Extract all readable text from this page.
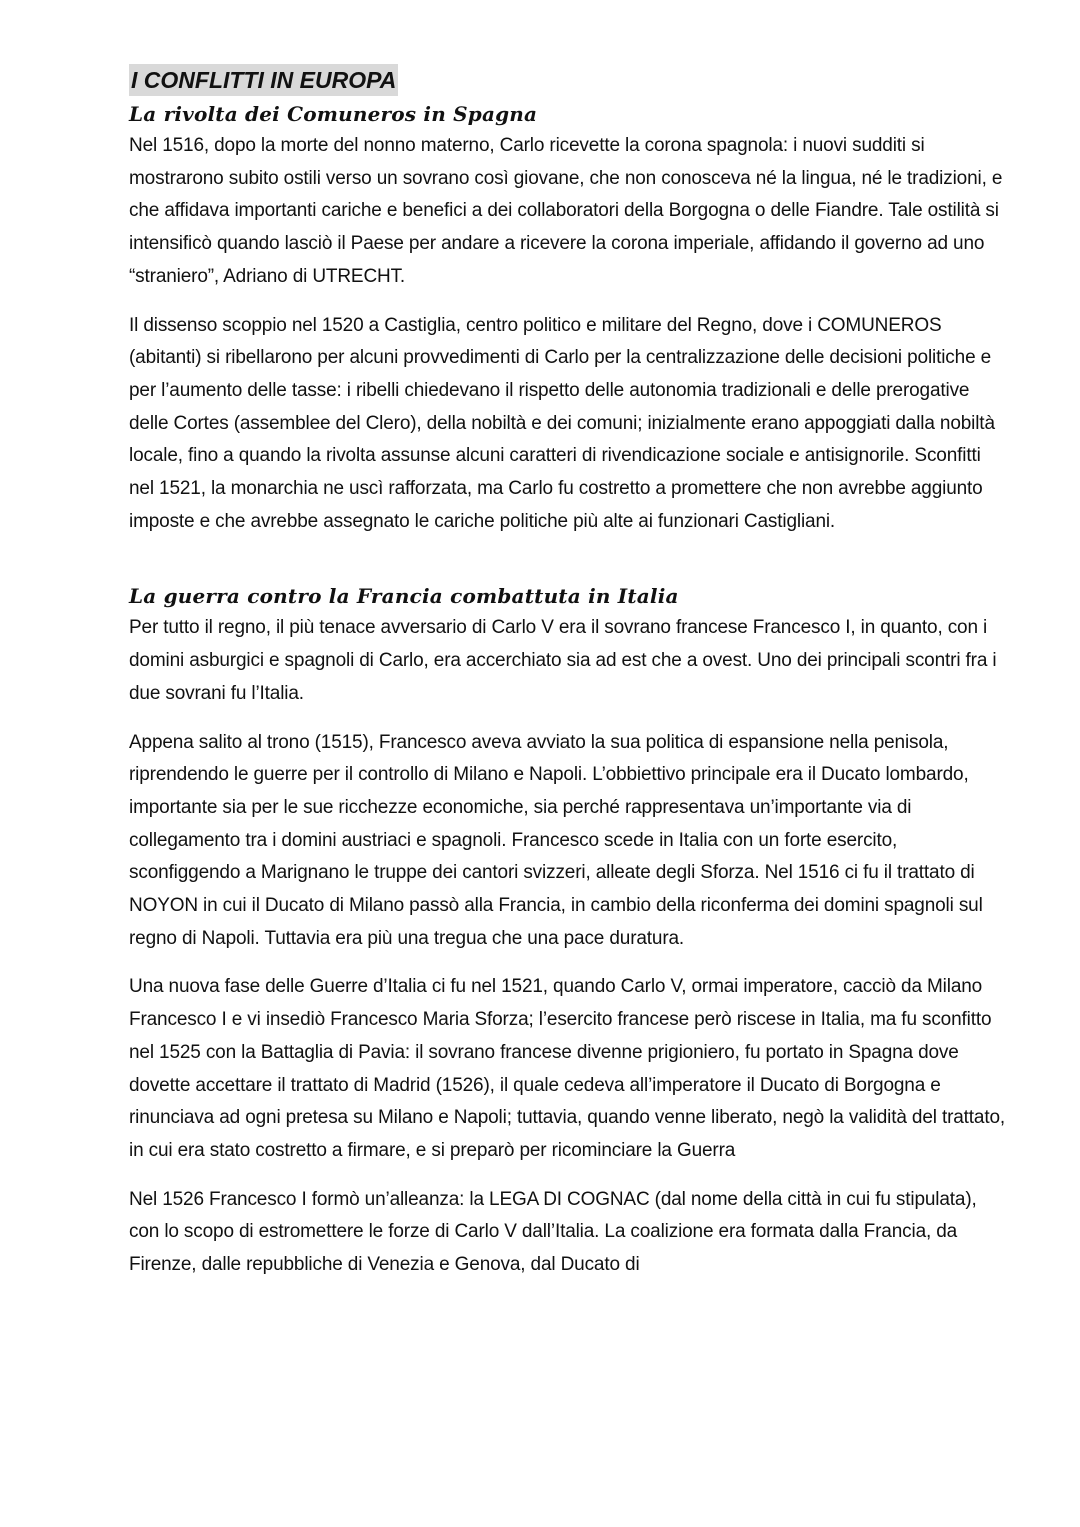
I CONFLITTI IN EUROPA
La rivolta dei Comuneros in Spagna

Nel 1516, dopo la morte del nonno materno, Carlo ricevette la corona spagnola: i nuovi sudditi si mostrarono subito ostili verso un sovrano così giovane, che non conosceva né la lingua, né le tradizioni, e che affidava importanti cariche e benefici a dei collaboratori della Borgogna o delle Fiandre. Tale ostilità si intensificò quando lasciò il Paese per andare a ricevere la corona imperiale, affidando il governo ad uno “straniero”, Adriano di UTRECHT.

Il dissenso scoppio nel 1520 a Castiglia, centro politico e militare del Regno, dove i COMUNEROS (abitanti) si ribellarono per alcuni provvedimenti di Carlo per la centralizzazione delle decisioni politiche e per l’aumento delle tasse: i ribelli chiedevano il rispetto delle autonomia tradizionali e delle prerogative delle Cortes (assemblee del Clero), della nobiltà e dei comuni; inizialmente erano appoggiati dalla nobiltà locale, fino a quando la rivolta assunse alcuni caratteri di rivendicazione sociale e antisignorile. Sconfitti nel 1521, la monarchia ne uscì rafforzata, ma Carlo fu costretto a promettere che non avrebbe aggiunto imposte e che avrebbe assegnato le cariche politiche più alte ai funzionari Castigliani.

La guerra contro la Francia combattuta in Italia

Per tutto il regno, il più tenace avversario di Carlo V era il sovrano francese Francesco I, in quanto, con i domini asburgici e spagnoli di Carlo, era accerchiato sia ad est che a ovest. Uno dei principali scontri fra i due sovrani fu l’Italia.

Appena salito al trono (1515), Francesco aveva avviato la sua politica di espansione nella penisola, riprendendo le guerre per il controllo di Milano e Napoli. L’obbiettivo principale era il Ducato lombardo, importante sia per le sue ricchezze economiche, sia perché rappresentava un’importante via di collegamento tra i domini austriaci e spagnoli. Francesco scede in Italia con un forte esercito, sconfiggendo a Marignano le truppe dei cantori svizzeri, alleate degli Sforza. Nel 1516 ci fu il trattato di NOYON in cui il Ducato di Milano passò alla Francia, in cambio della riconferma dei domini spagnoli sul regno di Napoli. Tuttavia era più una tregua che una pace duratura.

Una nuova fase delle Guerre d’Italia ci fu nel 1521, quando Carlo V, ormai imperatore, cacciò da Milano Francesco I e vi insediò Francesco Maria Sforza; l’esercito francese però riscese in Italia, ma fu sconfitto nel 1525 con la Battaglia di Pavia: il sovrano francese divenne prigioniero, fu portato in Spagna dove dovette accettare il trattato di Madrid (1526), il quale cedeva all’imperatore il Ducato di Borgogna e rinunciava ad ogni pretesa su Milano e Napoli; tuttavia, quando venne liberato, negò la validità del trattato, in cui era stato costretto a firmare, e si preparò per ricominciare la Guerra

Nel 1526 Francesco I formò un’alleanza: la LEGA DI COGNAC (dal nome della città in cui fu stipulata), con lo scopo di estromettere le forze di Carlo V dall’Italia. La coalizione era formata dalla Francia, da Firenze, dalle repubbliche di Venezia e Genova, dal Ducato di
